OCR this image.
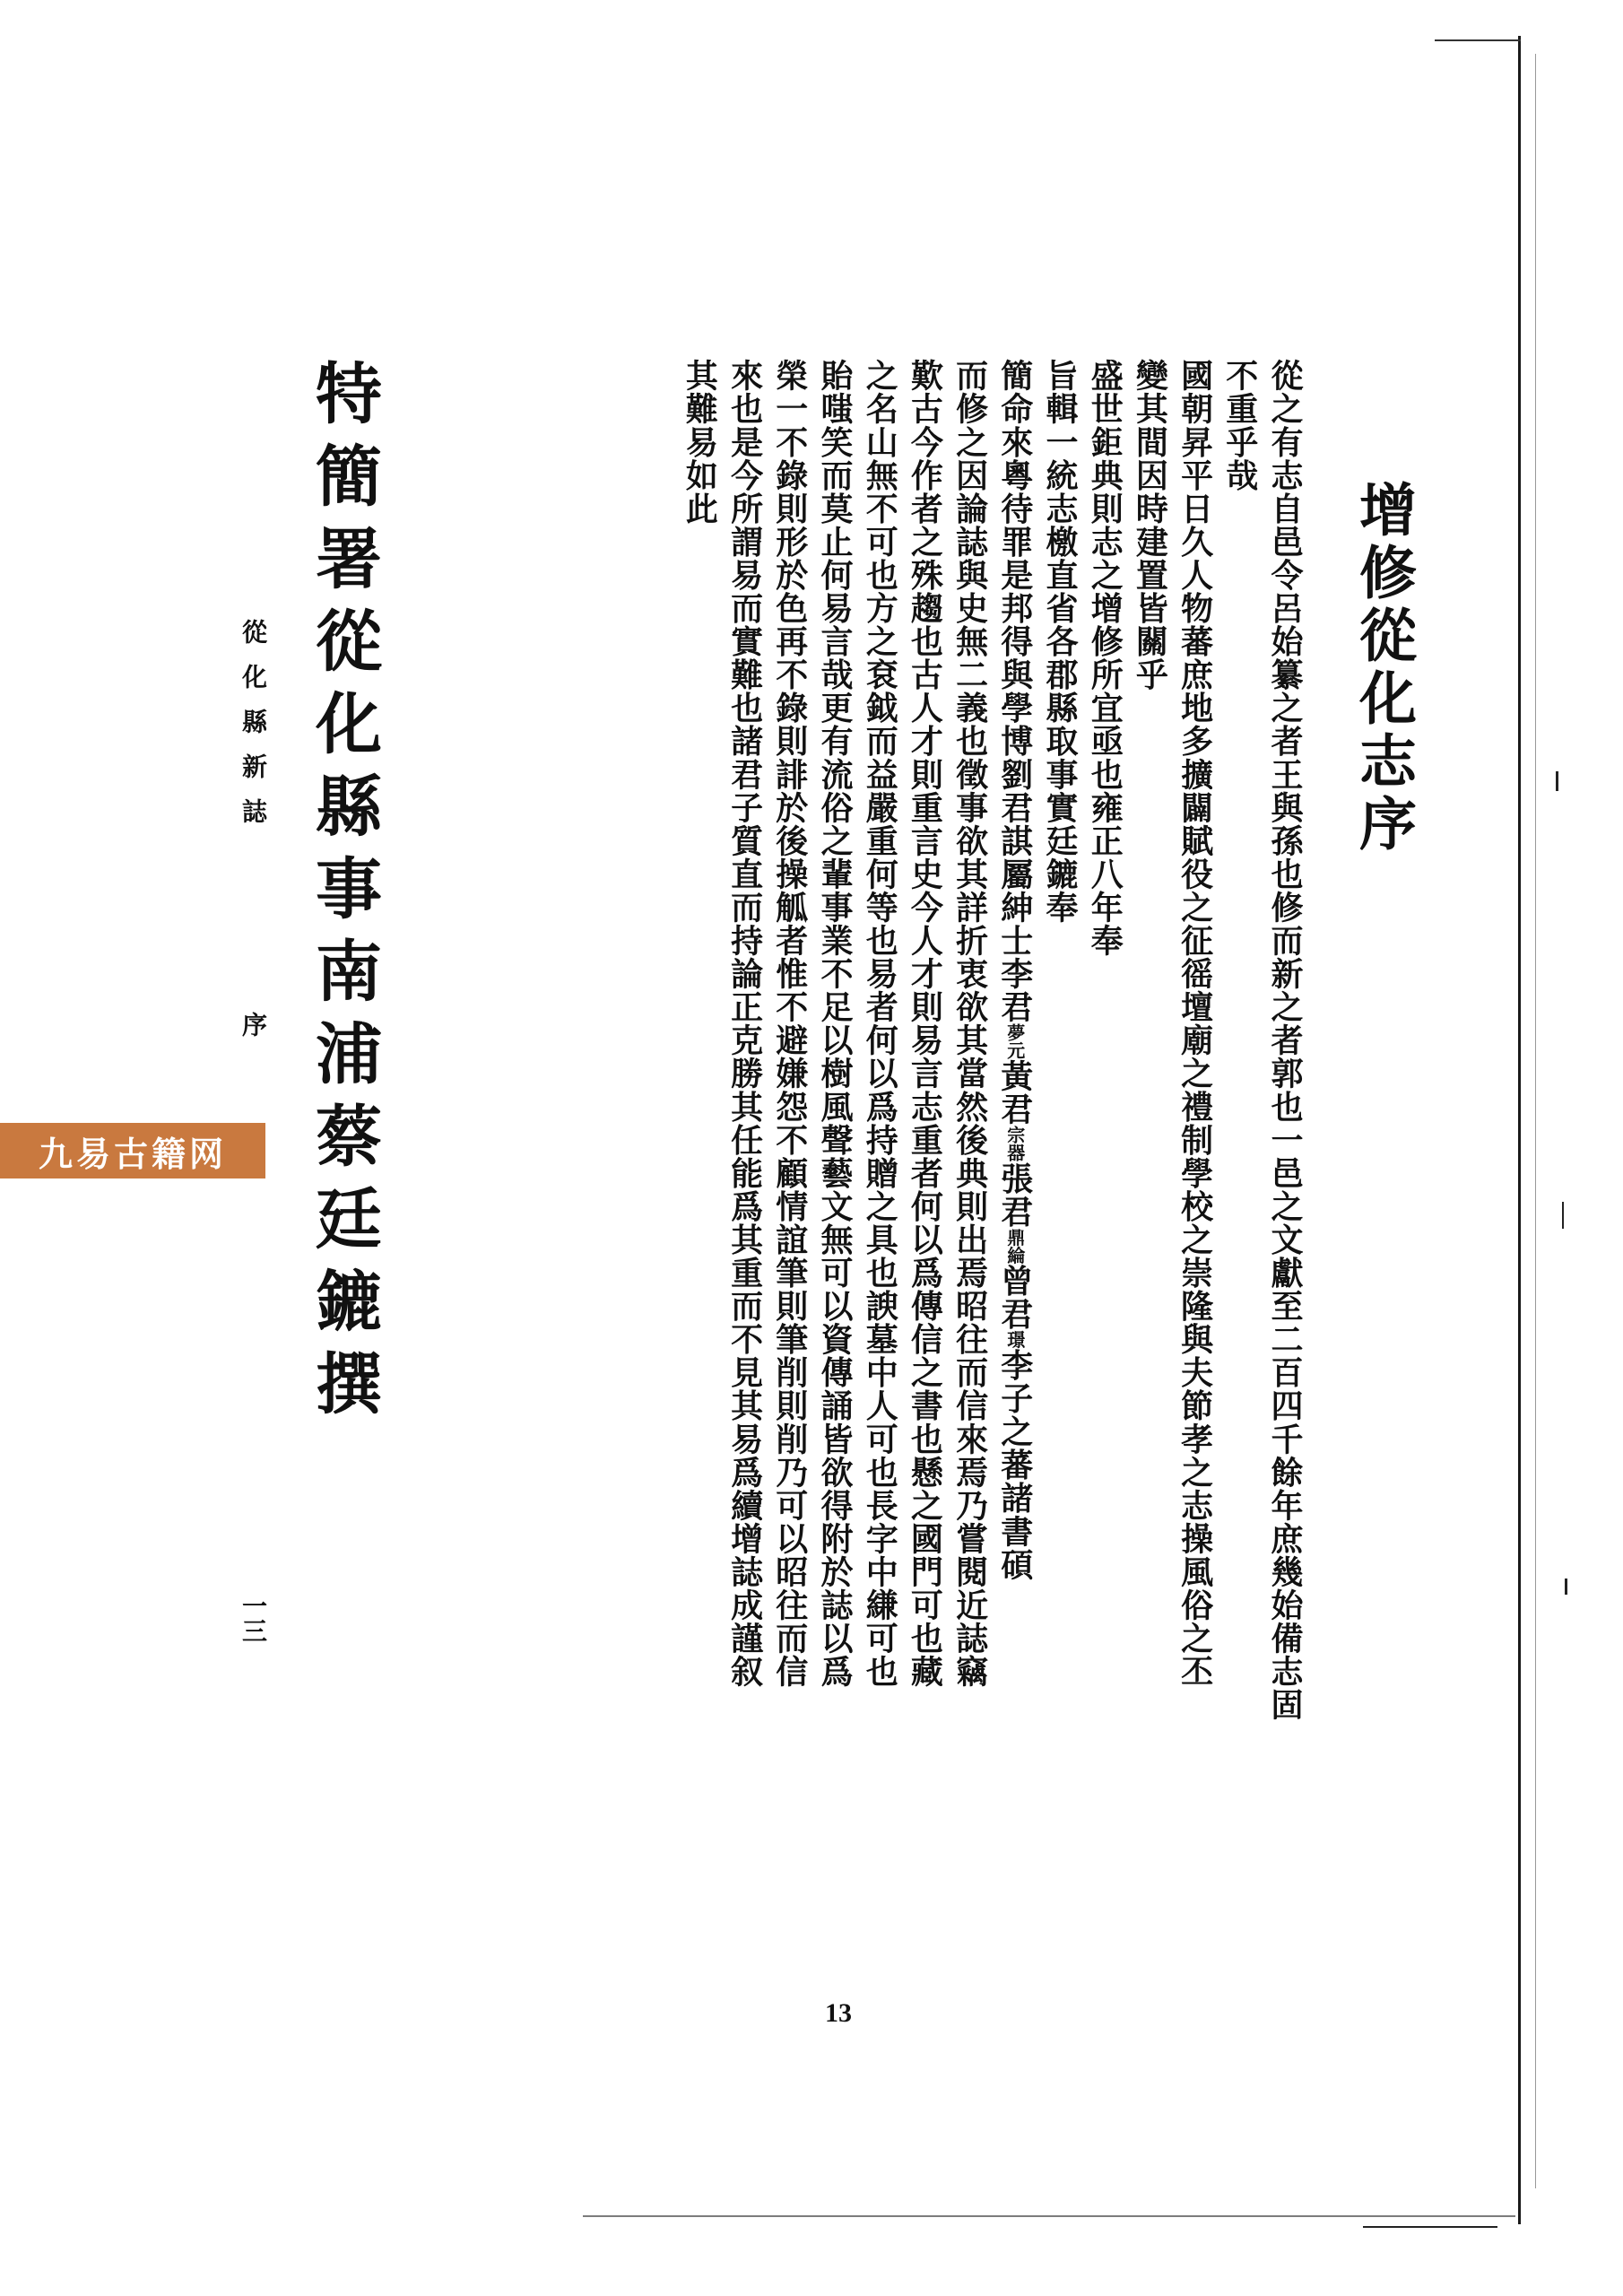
增修從化志序
從之有志自邑令呂始纂之者王與孫也修而新之者郭也一邑之文獻至二百四千餘年庶幾始備志固
不重乎哉
國朝昇平日久人物蕃庶地多擴闢賦役之征徭壇廟之禮制學校之崇隆與夫節孝之志操風俗之丕
變其間因時建置皆關乎
盛世鉅典則志之增修所宜亟也雍正八年奉
旨輯一統志檄直省各郡縣取事實廷鏕奉
簡命來粵待罪是邦得與學博劉君諆屬紳士李君夢元黃君宗器張君鼎綸曾君璟李子之蕃諸書碩
而修之因論誌與史無二義也徵事欲其詳折衷欲其當然後典則出焉昭往而信來焉乃嘗閱近誌竊
歎古今作者之殊趨也古人才則重言史今人才則易言志重者何以爲傳信之書也懸之國門可也藏
之名山無不可也方之袞鉞而益嚴重何等也易者何以爲持贈之具也諛墓中人可也長字中縑可也
貽嗤笑而莫止何易言哉更有流俗之輩事業不足以樹風聲藝文無可以資傳誦皆欲得附於誌以爲
榮一不錄則形於色再不錄則誹於後操觚者惟不避嫌怨不顧情誼筆則筆削則削乃可以昭往而信
來也是今所謂易而實難也諸君子質直而持論正克勝其任能爲其重而不見其易爲續增誌成謹叙
其難易如此
特簡署從化縣事南浦蔡廷鏕撰
從化縣新誌
序
一三
13
九易古籍网
